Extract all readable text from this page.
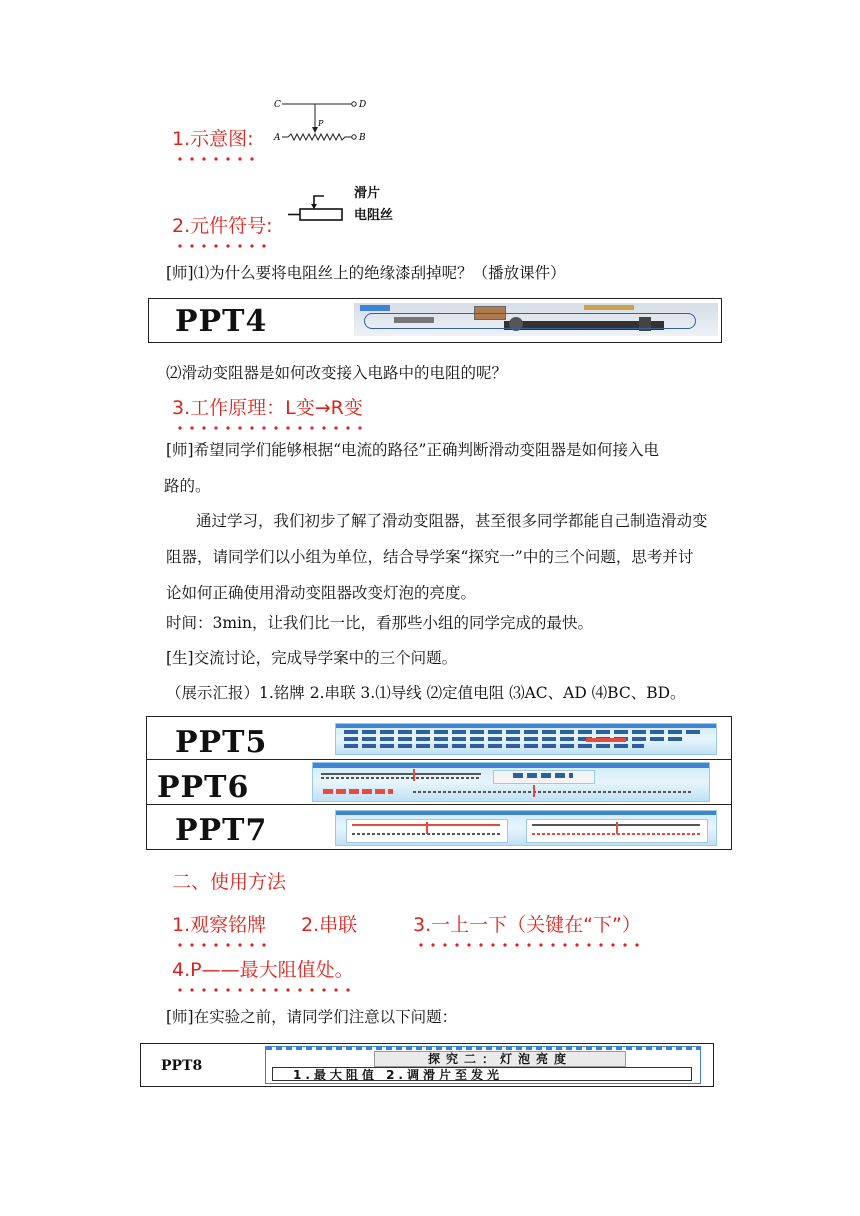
1.示意图:
C	D
A	B
P
2.元件符号:
滑片
电阻丝
[师]⑴为什么要将电阻丝上的绝缘漆刮掉呢？（播放课件）
PPT4
⑵滑动变阻器是如何改变接入电路中的电阻的呢？
3.工作原理：L变→R变
[师]希望同学们能够根据“电流的路径”正确判断滑动变阻器是如何接入电
路的。
通过学习，我们初步了解了滑动变阻器，甚至很多同学都能自己制造滑动变
阻器，请同学们以小组为单位，结合导学案“探究一”中的三个问题，思考并讨
论如何正确使用滑动变阻器改变灯泡的亮度。
时间：3min，让我们比一比，看那些小组的同学完成的最快。
[生]交流讨论，完成导学案中的三个问题。
（展示汇报）1.铭牌 2.串联 3.⑴导线 ⑵定值电阻 ⑶AC、AD ⑷BC、BD。
PPT5
PPT6
PPT7
二、使用方法
1.观察铭牌 2.串联	3.一上一下（关键在“下”）
4.P——最大阻值处。
[师]在实验之前，请同学们注意以下问题：
PPT8	探究二：灯泡亮度
1.最大阻值 2.调滑片至发光
